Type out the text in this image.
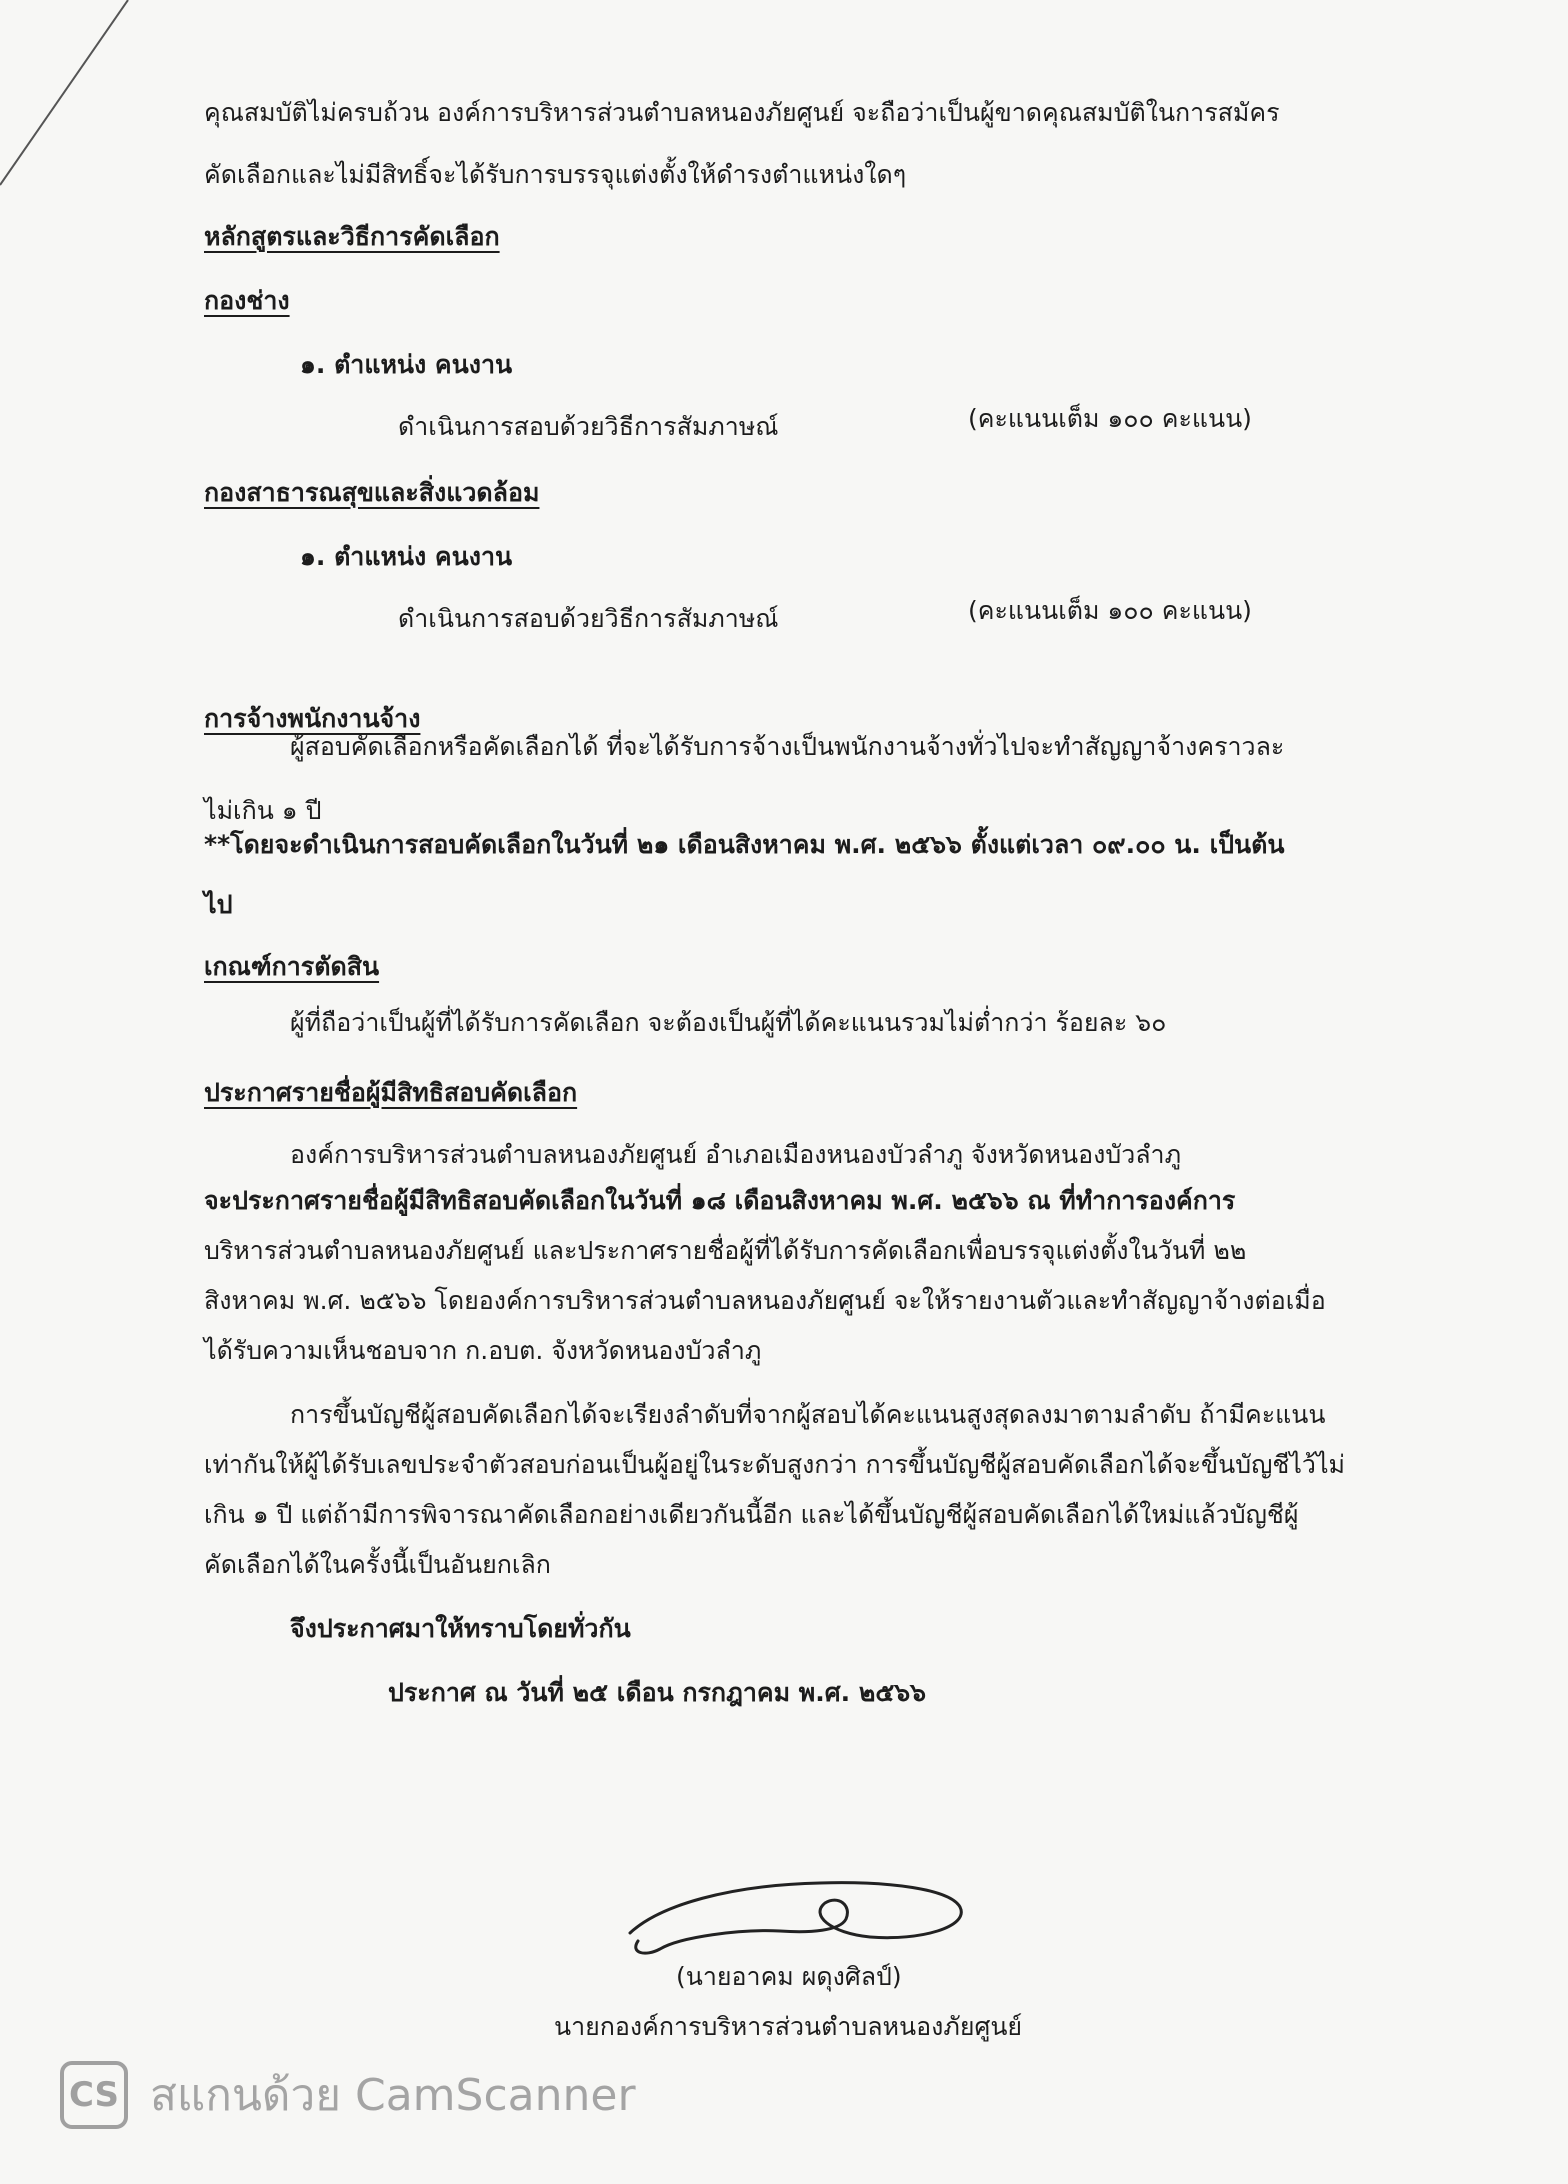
คุณสมบัติไม่ครบถ้วน องค์การบริหารส่วนตำบลหนองภัยศูนย์ จะถือว่าเป็นผู้ขาดคุณสมบัติในการสมัคร
คัดเลือกและไม่มีสิทธิ์จะได้รับการบรรจุแต่งตั้งให้ดำรงตำแหน่งใดๆ
หลักสูตรและวิธีการคัดเลือก
กองช่าง
๑. ตำแหน่ง คนงาน
ดำเนินการสอบด้วยวิธีการสัมภาษณ์	(คะแนนเต็ม ๑๐๐ คะแนน)
กองสาธารณสุขและสิ่งแวดล้อม
๑. ตำแหน่ง คนงาน
ดำเนินการสอบด้วยวิธีการสัมภาษณ์	(คะแนนเต็ม ๑๐๐ คะแนน)
การจ้างพนักงานจ้าง
ผู้สอบคัดเลือกหรือคัดเลือกได้ ที่จะได้รับการจ้างเป็นพนักงานจ้างทั่วไปจะทำสัญญาจ้างคราวละ
ไม่เกิน ๑ ปี
**โดยจะดำเนินการสอบคัดเลือกในวันที่ ๒๑ เดือนสิงหาคม พ.ศ. ๒๕๖๖ ตั้งแต่เวลา ๐๙.๐๐ น. เป็นต้น
ไป
เกณฑ์การตัดสิน
ผู้ที่ถือว่าเป็นผู้ที่ได้รับการคัดเลือก จะต้องเป็นผู้ที่ได้คะแนนรวมไม่ต่ำกว่า ร้อยละ ๖๐
ประกาศรายชื่อผู้มีสิทธิสอบคัดเลือก
องค์การบริหารส่วนตำบลหนองภัยศูนย์ อำเภอเมืองหนองบัวลำภู จังหวัดหนองบัวลำภู
จะประกาศรายชื่อผู้มีสิทธิสอบคัดเลือกในวันที่ ๑๘ เดือนสิงหาคม พ.ศ. ๒๕๖๖ ณ ที่ทำการองค์การ
บริหารส่วนตำบลหนองภัยศูนย์ และประกาศรายชื่อผู้ที่ได้รับการคัดเลือกเพื่อบรรจุแต่งตั้งในวันที่ ๒๒
สิงหาคม พ.ศ. ๒๕๖๖ โดยองค์การบริหารส่วนตำบลหนองภัยศูนย์ จะให้รายงานตัวและทำสัญญาจ้างต่อเมื่อ
ได้รับความเห็นชอบจาก ก.อบต. จังหวัดหนองบัวลำภู
การขึ้นบัญชีผู้สอบคัดเลือกได้จะเรียงลำดับที่จากผู้สอบได้คะแนนสูงสุดลงมาตามลำดับ ถ้ามีคะแนน
เท่ากันให้ผู้ได้รับเลขประจำตัวสอบก่อนเป็นผู้อยู่ในระดับสูงกว่า การขึ้นบัญชีผู้สอบคัดเลือกได้จะขึ้นบัญชีไว้ไม่
เกิน ๑ ปี แต่ถ้ามีการพิจารณาคัดเลือกอย่างเดียวกันนี้อีก และได้ขึ้นบัญชีผู้สอบคัดเลือกได้ใหม่แล้วบัญชีผู้
คัดเลือกได้ในครั้งนี้เป็นอันยกเลิก
จึงประกาศมาให้ทราบโดยทั่วกัน
ประกาศ ณ วันที่ ๒๕ เดือน กรกฎาคม พ.ศ. ๒๕๖๖
(นายอาคม ผดุงศิลป์)
นายกองค์การบริหารส่วนตำบลหนองภัยศูนย์
CS สแกนด้วย CamScanner
